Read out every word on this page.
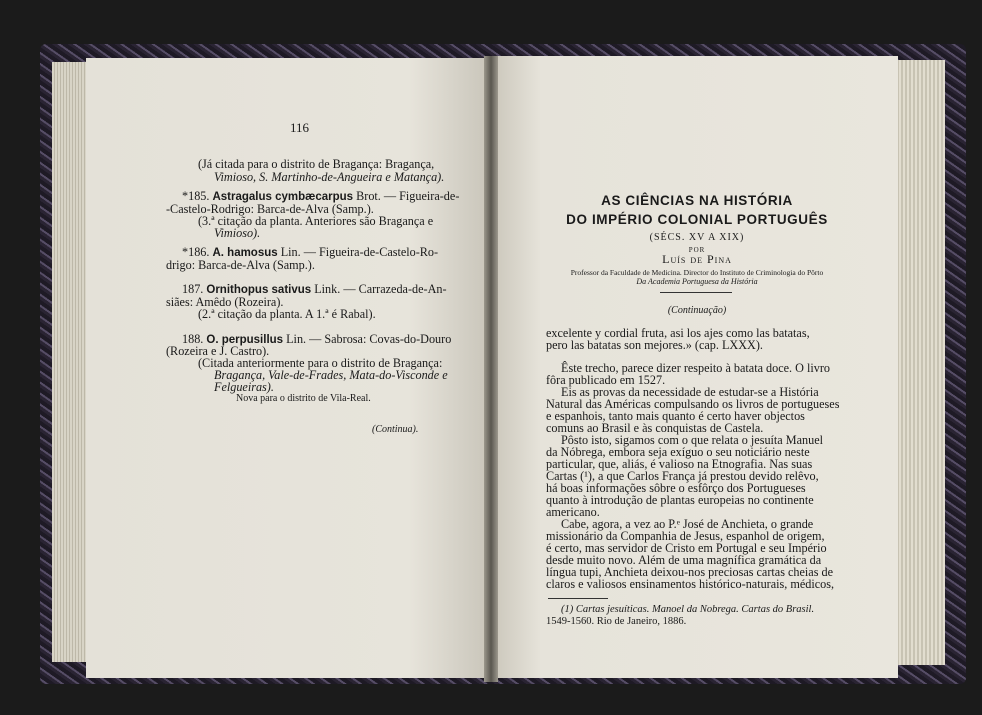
116
(Já citada para o distrito de Bragança: Bragança,
Vimioso, S. Martinho-de-Angueira e Matança).
*185. Astragalus cymbæcarpus Brot. — Figueira-de-
-Castelo-Rodrigo: Barca-de-Alva (Samp.).
(3.ª citação da planta. Anteriores são Bragança e
Vimioso).
*186. A. hamosus Lin. — Figueira-de-Castelo-Ro-
drigo: Barca-de-Alva (Samp.).
187. Ornithopus sativus Link. — Carrazeda-de-An-
siães: Amêdo (Rozeira).
(2.ª citação da planta. A 1.ª é Rabal).
188. O. perpusillus Lin. — Sabrosa: Covas-do-Douro
(Rozeira e J. Castro).
(Citada anteriormente para o distrito de Bragança:
Bragança, Vale-de-Frades, Mata-do-Visconde e
Felgueiras).
Nova para o distrito de Vila-Real.
(Continua).
AS CIÊNCIAS NA HISTÓRIA
DO IMPÉRIO COLONIAL PORTUGUÊS
(SÉCS. XV A XIX)
POR
Luís de Pina
Professor da Faculdade de Medicina. Director do Instituto de Criminologia do Pôrto
Da Academia Portuguesa da História
(Continuação)
excelente y cordial fruta, asi los ajes como las batatas,
pero las batatas son mejores.» (cap. LXXX).
Êste trecho, parece dizer respeito à batata doce. O livro
fôra publicado em 1527.
Eis as provas da necessidade de estudar-se a História
Natural das Américas compulsando os livros de portugueses
e espanhois, tanto mais quanto é certo haver objectos
comuns ao Brasil e às conquistas de Castela.
Pôsto isto, sigamos com o que relata o jesuíta Manuel
da Nóbrega, embora seja exíguo o seu noticiário neste
particular, que, aliás, é valioso na Etnografia. Nas suas
Cartas (¹), a que Carlos França já prestou devido relêvo,
há boas informações sôbre o esfôrço dos Portugueses
quanto à introdução de plantas europeias no continente
americano.
Cabe, agora, a vez ao P.ᵉ José de Anchieta, o grande
missionário da Companhia de Jesus, espanhol de origem,
é certo, mas servidor de Cristo em Portugal e seu Império
desde muito novo. Além de uma magnífica gramática da
língua tupi, Anchieta deixou-nos preciosas cartas cheias de
claros e valiosos ensinamentos histórico-naturais, médicos,
(1) Cartas jesuíticas. Manoel da Nobrega. Cartas do Brasil.
1549-1560. Rio de Janeiro, 1886.
